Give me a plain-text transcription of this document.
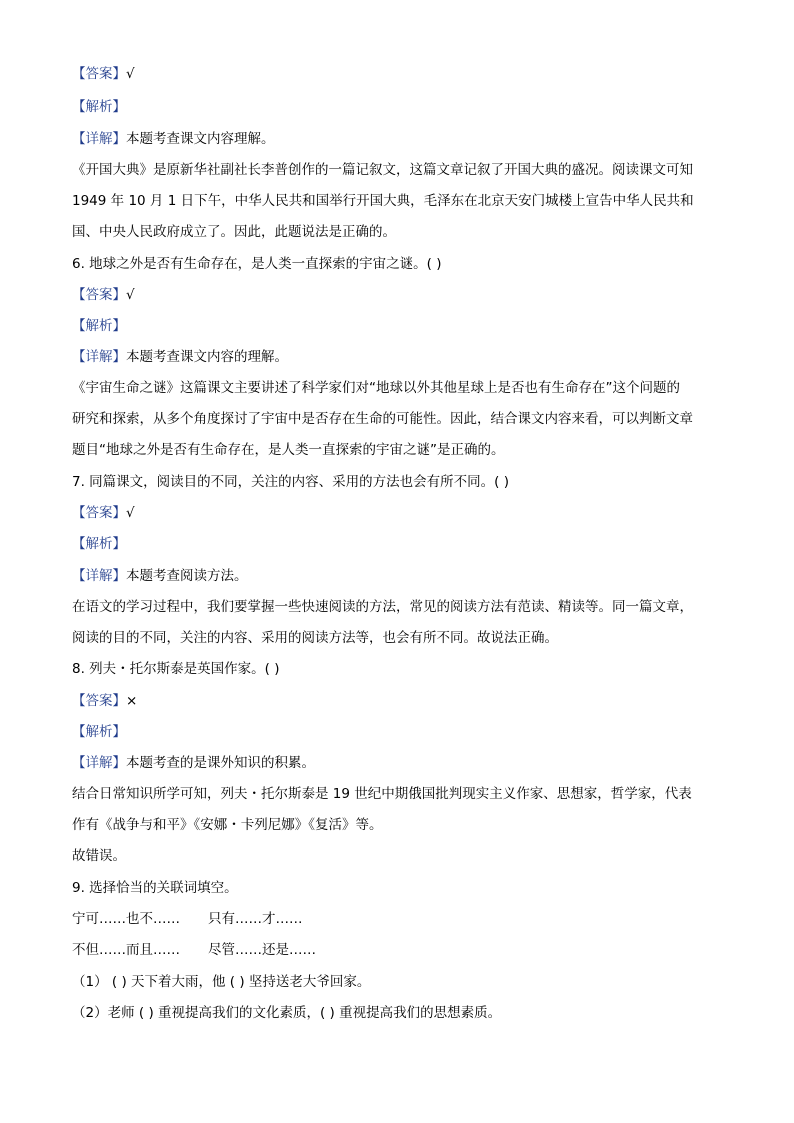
【答案】√
【解析】
【详解】本题考查课文内容理解。
《开国大典》是原新华社副社长李普创作的一篇记叙文，这篇文章记叙了开国大典的盛况。阅读课文可知
1949 年 10 月 1 日下午，中华人民共和国举行开国大典，毛泽东在北京天安门城楼上宣告中华人民共和
国、中央人民政府成立了。因此，此题说法是正确的。
6. 地球之外是否有生命存在，是人类一直探索的宇宙之谜。( )
【答案】√
【解析】
【详解】本题考查课文内容的理解。
《宇宙生命之谜》这篇课文主要讲述了科学家们对“地球以外其他星球上是否也有生命存在”这个问题的
研究和探索，从多个角度探讨了宇宙中是否存在生命的可能性。因此，结合课文内容来看，可以判断文章
题目“地球之外是否有生命存在，是人类一直探索的宇宙之谜”是正确的。
7. 同篇课文，阅读目的不同，关注的内容、采用的方法也会有所不同。( )
【答案】√
【解析】
【详解】本题考查阅读方法。
在语文的学习过程中，我们要掌握一些快速阅读的方法，常见的阅读方法有范读、精读等。同一篇文章，
阅读的目的不同，关注的内容、采用的阅读方法等，也会有所不同。故说法正确。
8. 列夫・托尔斯泰是英国作家。( )
【答案】×
【解析】
【详解】本题考查的是课外知识的积累。
结合日常知识所学可知，列夫・托尔斯泰是 19 世纪中期俄国批判现实主义作家、思想家，哲学家，代表
作有《战争与和平》《安娜・卡列尼娜》《复活》等。
故错误。
9. 选择恰当的关联词填空。
宁可……也不…… 只有……才……
不但……而且…… 尽管……还是……
（1） ( ) 天下着大雨，他 ( ) 坚持送老大爷回家。
（2）老师 ( ) 重视提高我们的文化素质，( ) 重视提高我们的思想素质。
